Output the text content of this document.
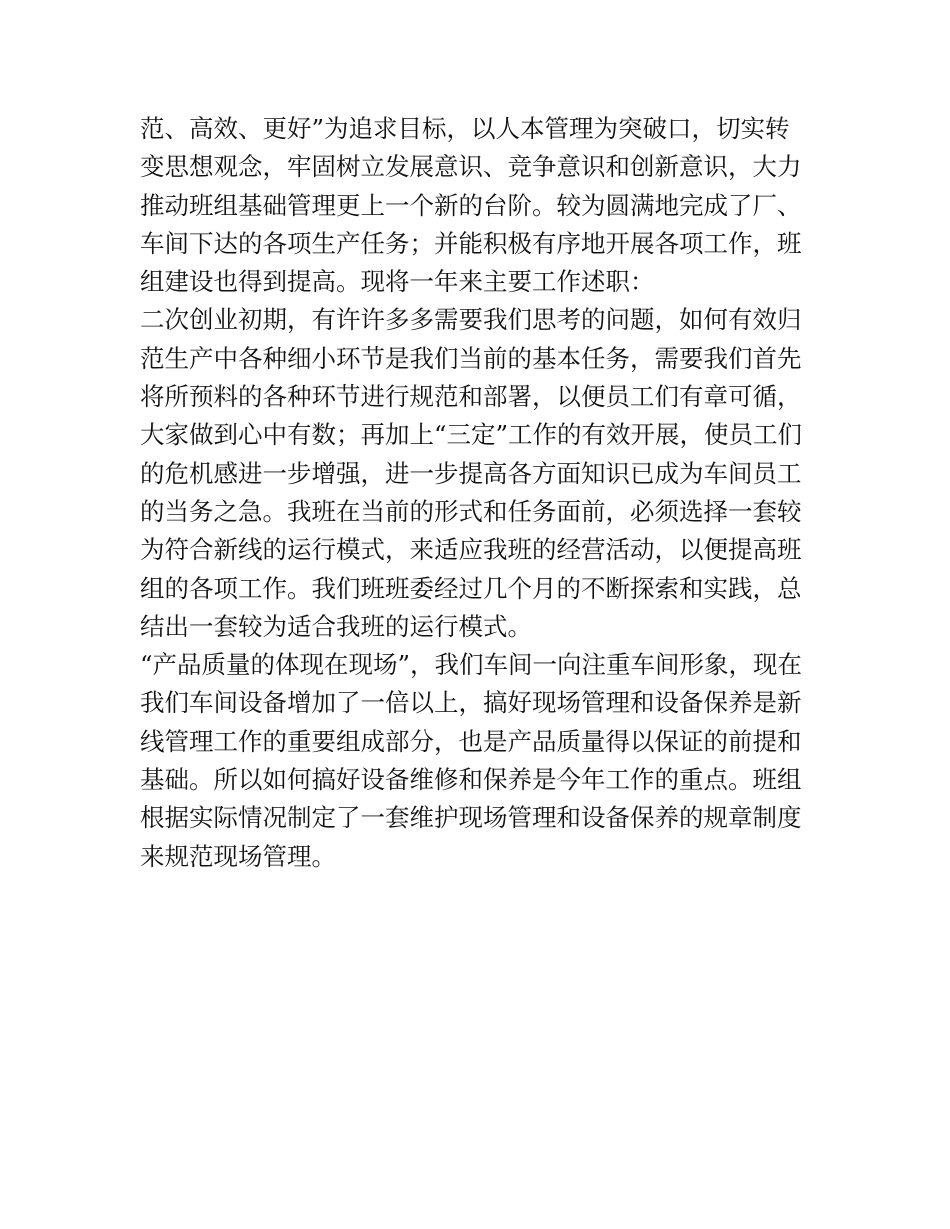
范、高效、更好”为追求目标，以人本管理为突破口，切实转
变思想观念，牢固树立发展意识、竞争意识和创新意识，大力
推动班组基础管理更上一个新的台阶。较为圆满地完成了厂、
车间下达的各项生产任务；并能积极有序地开展各项工作，班
组建设也得到提高。现将一年来主要工作述职：
二次创业初期，有许许多多需要我们思考的问题，如何有效归
范生产中各种细小环节是我们当前的基本任务，需要我们首先
将所预料的各种环节进行规范和部署，以便员工们有章可循，
大家做到心中有数；再加上“三定”工作的有效开展，使员工们
的危机感进一步增强，进一步提高各方面知识已成为车间员工
的当务之急。我班在当前的形式和任务面前，必须选择一套较
为符合新线的运行模式，来适应我班的经营活动，以便提高班
组的各项工作。我们班班委经过几个月的不断探索和实践，总
结出一套较为适合我班的运行模式。
“产品质量的体现在现场”，我们车间一向注重车间形象，现在
我们车间设备增加了一倍以上，搞好现场管理和设备保养是新
线管理工作的重要组成部分，也是产品质量得以保证的前提和
基础。所以如何搞好设备维修和保养是今年工作的重点。班组
根据实际情况制定了一套维护现场管理和设备保养的规章制度
来规范现场管理。
